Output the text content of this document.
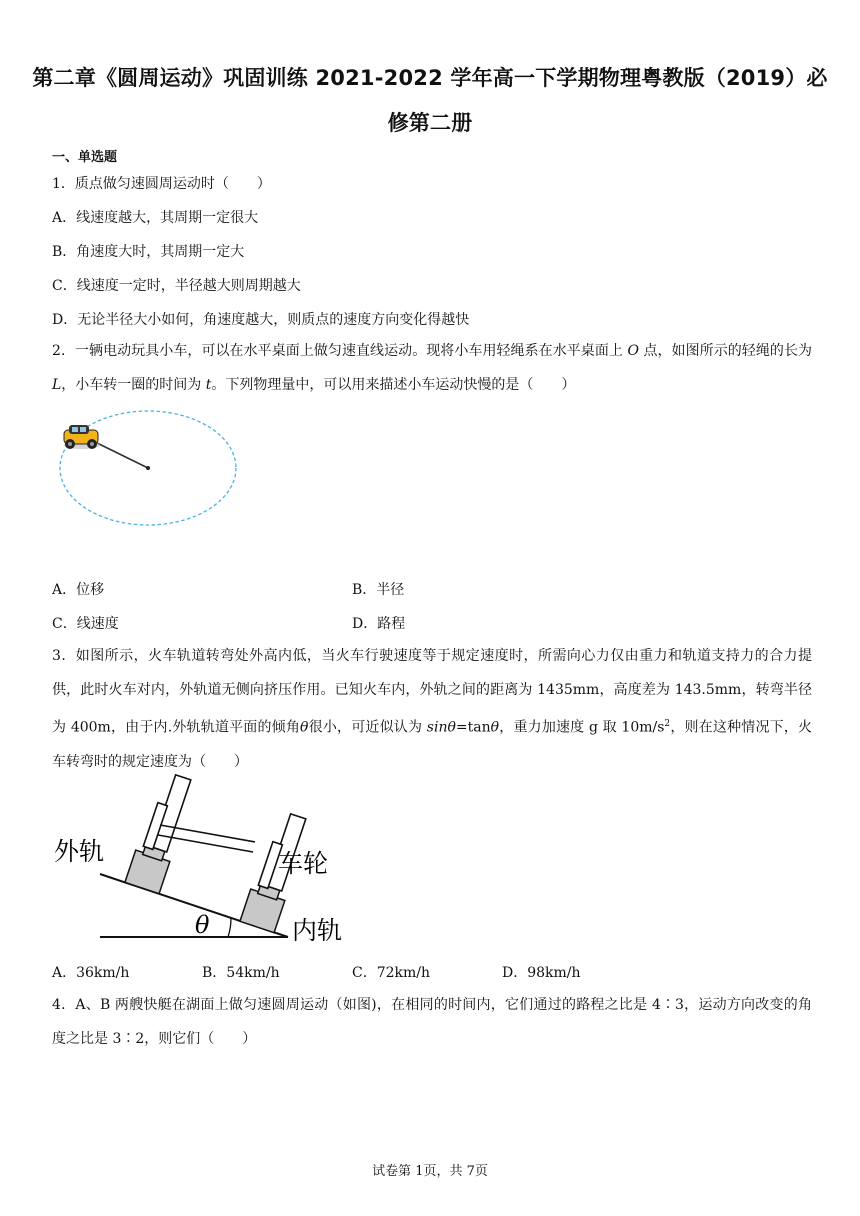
第二章《圆周运动》巩固训练 2021-2022 学年高一下学期物理粤教版（2019）必
修第二册
一、单选题
1．质点做匀速圆周运动时（　　）
A．线速度越大，其周期一定很大
B．角速度大时，其周期一定大
C．线速度一定时，半径越大则周期越大
D．无论半径大小如何，角速度越大，则质点的速度方向变化得越快
2．一辆电动玩具小车，可以在水平桌面上做匀速直线运动。现将小车用轻绳系在水平桌面上 O 点，如图所示的轻绳的长为 L，小车转一圈的时间为 t。下列物理量中，可以用来描述小车运动快慢的是（　　）
A．位移	B．半径
C．线速度	D．路程
3．如图所示，火车轨道转弯处外高内低，当火车行驶速度等于规定速度时，所需向心力仅由重力和轨道支持力的合力提供，此时火车对内，外轨道无侧向挤压作用。已知火车内，外轨之间的距离为 1435mm，高度差为 143.5mm，转弯半径为 400m，由于内.外轨轨道平面的倾角θ很小，可近似认为 sinθ=tanθ，重力加速度 g 取 $10m/s^2$，则在这种情况下，火车转弯时的规定速度为（　　）
θ
外轨	车轮
内轨
A．36km/h	B．54km/h	C．72km/h	D．98km/h
4．A、B 两艘快艇在湖面上做匀速圆周运动（如图)，在相同的时间内，它们通过的路程之比是 4∶3，运动方向改变的角度之比是 3∶2，则它们（　　）
试卷第 1页，共 7页
